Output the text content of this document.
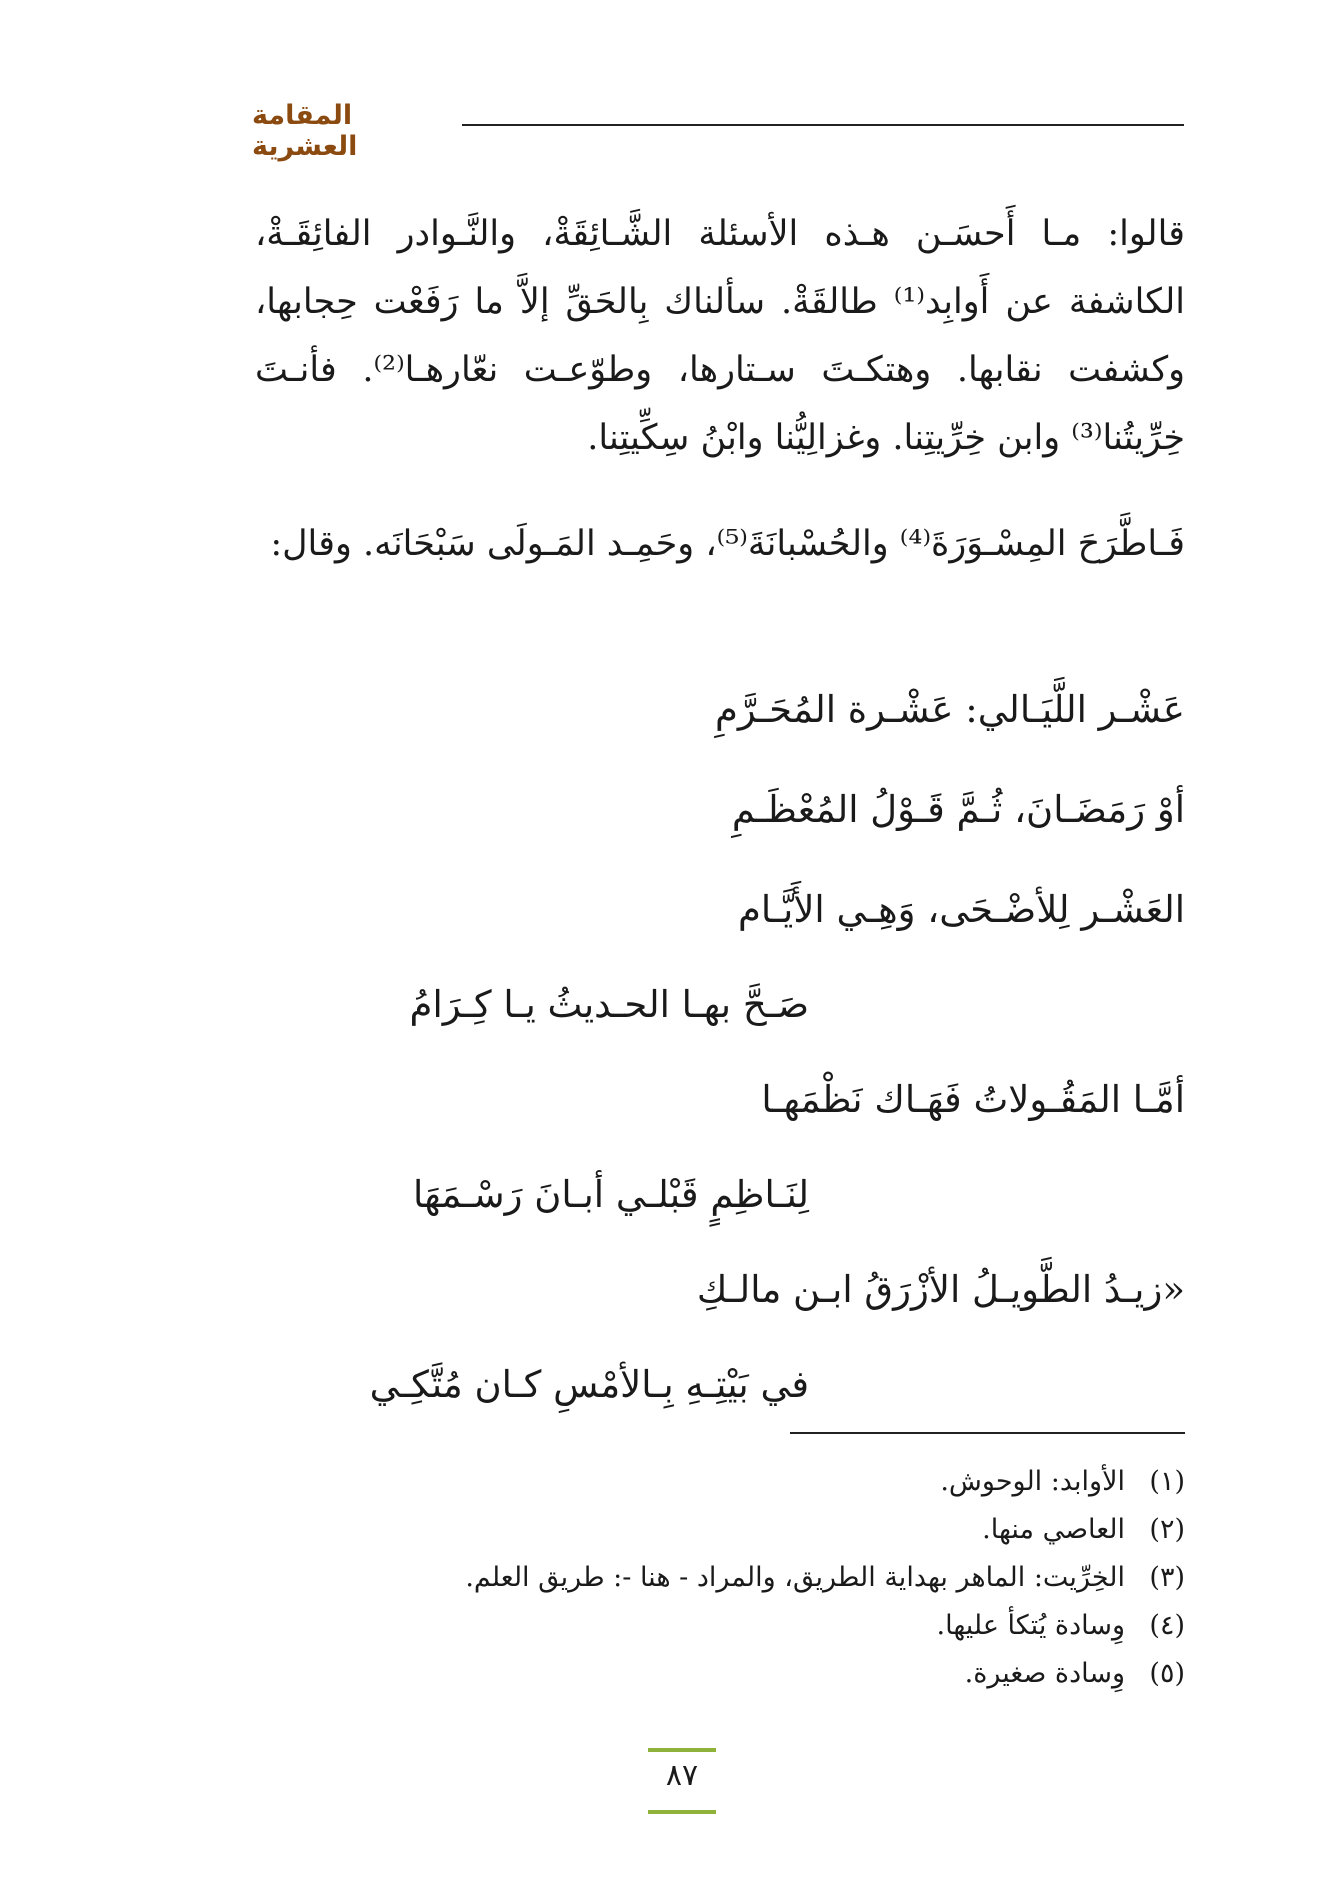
المقامة العشرية
قالوا: مـا أَحسَـن هـذه الأسئلة الشَّـائِقَةْ، والنَّـوادر الفائِقَـةْ، الكاشفة عن أَوابِد⁽¹⁾ طالقَةْ. سألناك بِالحَقِّ إلاَّ ما رَفَعْت حِجابها، وكشفت نقابها. وهتكـتَ سـتارها، وطوّعـت نعّارهـا⁽²⁾. فأنـتَ خِرِّيتُنا⁽³⁾ وابن خِرِّيتِنا. وغزالِيُّنا وابْنُ سِكِّيتِنا.
فَـاطَّرَحَ المِسْـوَرَةَ⁽⁴⁾ والحُسْبانَةَ⁽⁵⁾، وحَمِـد المَـولَى سَبْحَانَه. وقال:
عَشْـر اللَّيَـالي: عَشْـرة المُحَـرَّمِ
أوْ رَمَضَـانَ، ثُـمَّ قَـوْلُ المُعْظَـمِ
العَشْـر لِلأضْـحَى، وَهِـي الأَيَّـام
صَـحَّ بهـا الحـديثُ يـا كِـرَامُ
أمَّـا المَقُـولاتُ فَهَـاك نَظْمَهـا
لِنَـاظِمٍ قَبْلـي أبـانَ رَسْـمَهَا
«زيـدُ الطَّويـلُ الأزْرَقُ ابـن مالـكِ
في بَيْتِـهِ بِـالأمْسِ كـان مُتَّكِـي
(١)الأوابد: الوحوش.
(٢)العاصي منها.
(٣)الخِرِّيت: الماهر بهداية الطريق، والمراد - هنا -: طريق العلم.
(٤)وِسادة يُتكأ عليها.
(٥)وِسادة صغيرة.
٨٧
